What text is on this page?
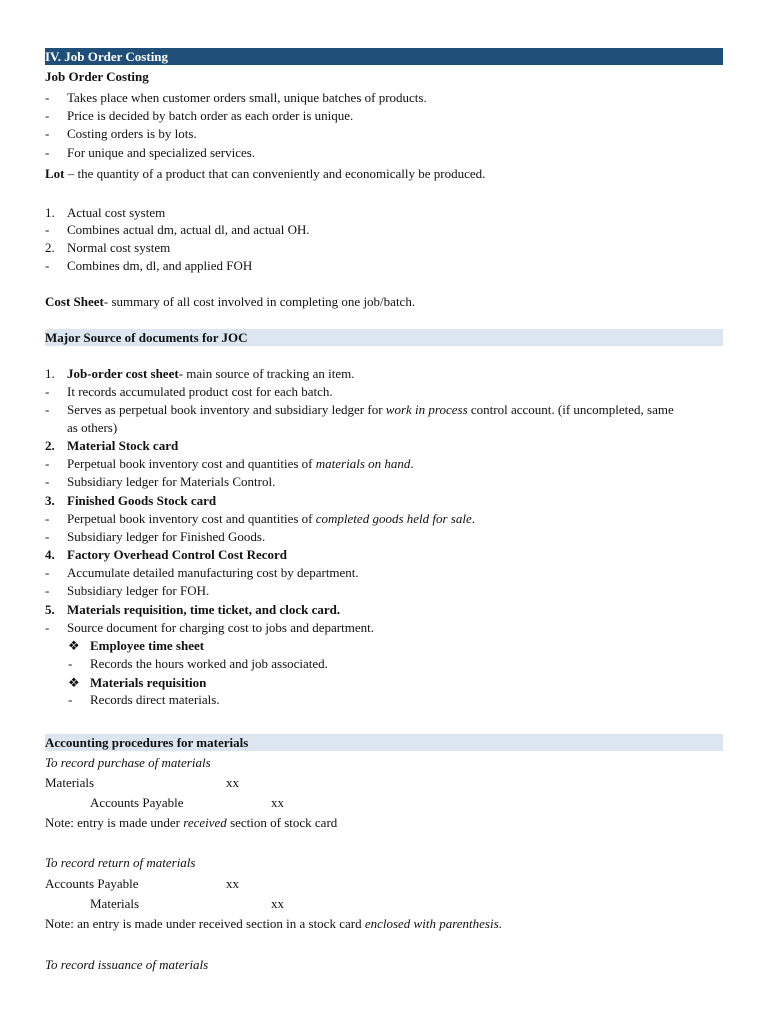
IV. Job Order Costing
Job Order Costing
- Takes place when customer orders small, unique batches of products.
- Price is decided by batch order as each order is unique.
- Costing orders is by lots.
- For unique and specialized services.
Lot – the quantity of a product that can conveniently and economically be produced.
1. Actual cost system
- Combines actual dm, actual dl, and actual OH.
2. Normal cost system
- Combines dm, dl, and applied FOH
Cost Sheet- summary of all cost involved in completing one job/batch.
Major Source of documents for JOC
1. Job-order cost sheet- main source of tracking an item.
- It records accumulated product cost for each batch.
- Serves as perpetual book inventory and subsidiary ledger for work in process control account. (if uncompleted, same
as others)
2. Material Stock card
- Perpetual book inventory cost and quantities of materials on hand.
- Subsidiary ledger for Materials Control.
3. Finished Goods Stock card
- Perpetual book inventory cost and quantities of completed goods held for sale.
- Subsidiary ledger for Finished Goods.
4. Factory Overhead Control Cost Record
- Accumulate detailed manufacturing cost by department.
- Subsidiary ledger for FOH.
5. Materials requisition, time ticket, and clock card.
- Source document for charging cost to jobs and department.
❖ Employee time sheet
- Records the hours worked and job associated.
❖ Materials requisition
- Records direct materials.
Accounting procedures for materials
To record purchase of materials
Materials	xx
Accounts Payable	xx
Note: entry is made under received section of stock card
To record return of materials
Accounts Payable	xx
Materials	xx
Note: an entry is made under received section in a stock card enclosed with parenthesis.
To record issuance of materials
